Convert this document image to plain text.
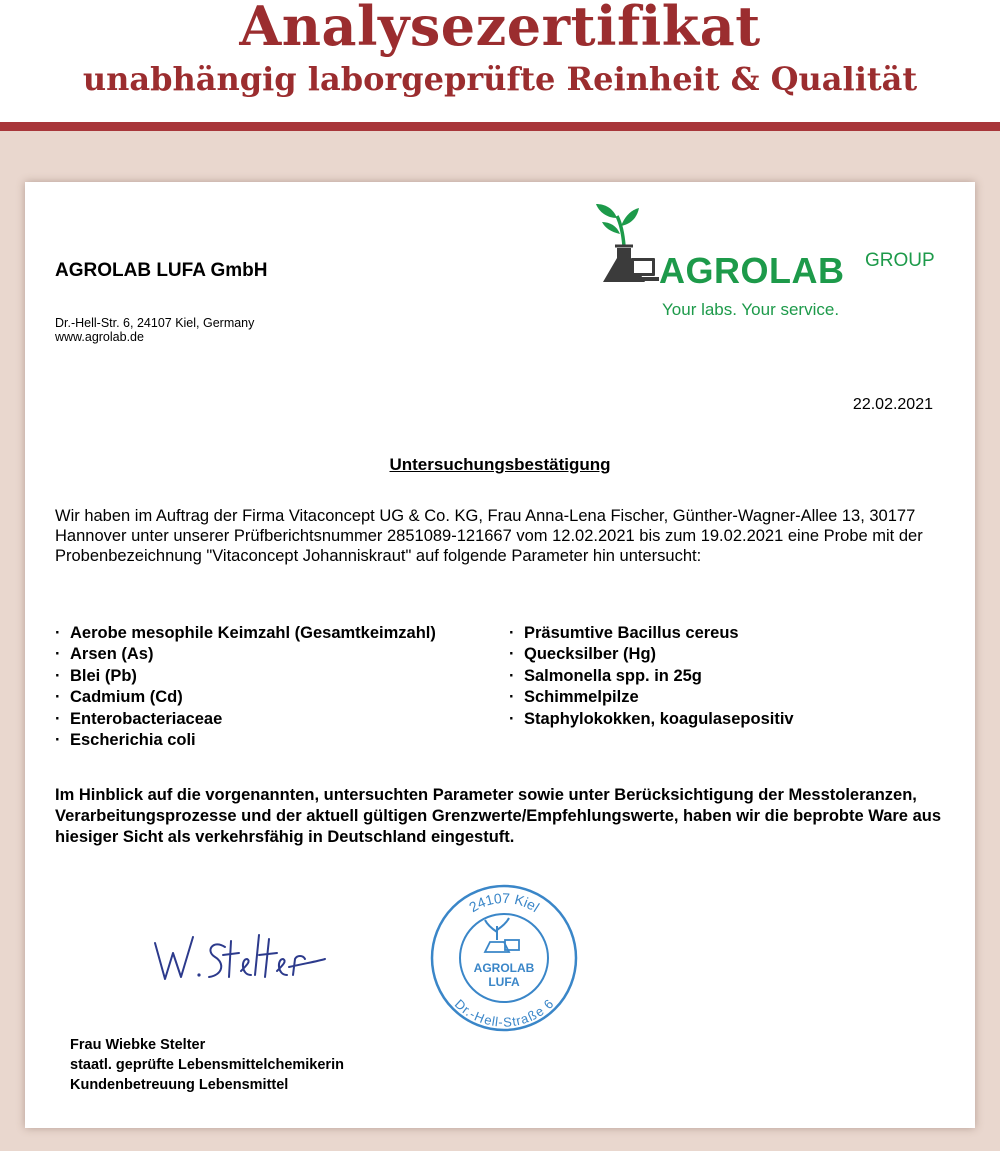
Analysezertifikat
unabhängig laborgeprüfte Reinheit & Qualität
AGROLAB LUFA GmbH
Dr.-Hell-Str. 6, 24107 Kiel, Germany
www.agrolab.de
AGROLAB GROUP
Your labs. Your service.
22.02.2021
Untersuchungsbestätigung
Wir haben im Auftrag der Firma Vitaconcept UG & Co. KG, Frau Anna-Lena Fischer, Günther-Wagner-Allee 13, 30177 Hannover unter unserer Prüfberichtsnummer 2851089-121667 vom 12.02.2021 bis zum 19.02.2021 eine Probe mit der Probenbezeichnung "Vitaconcept Johanniskraut" auf folgende Parameter hin untersucht:
· Aerobe mesophile Keimzahl (Gesamtkeimzahl)
· Arsen (As)
· Blei (Pb)
· Cadmium (Cd)
· Enterobacteriaceae
· Escherichia coli
· Präsumtive Bacillus cereus
· Quecksilber (Hg)
· Salmonella spp. in 25g
· Schimmelpilze
· Staphylokokken, koagulasepositiv
Im Hinblick auf die vorgenannten, untersuchten Parameter sowie unter Berücksichtigung der Messtoleranzen, Verarbeitungsprozesse und der aktuell gültigen Grenzwerte/Empfehlungswerte, haben wir die beprobte Ware aus hiesiger Sicht als verkehrsfähig in Deutschland eingestuft.
24107 Kiel
Dr.-Hell-Straße 6
AGROLAB
LUFA
Frau Wiebke Stelter
staatl. geprüfte Lebensmittelchemikerin
Kundenbetreuung Lebensmittel
